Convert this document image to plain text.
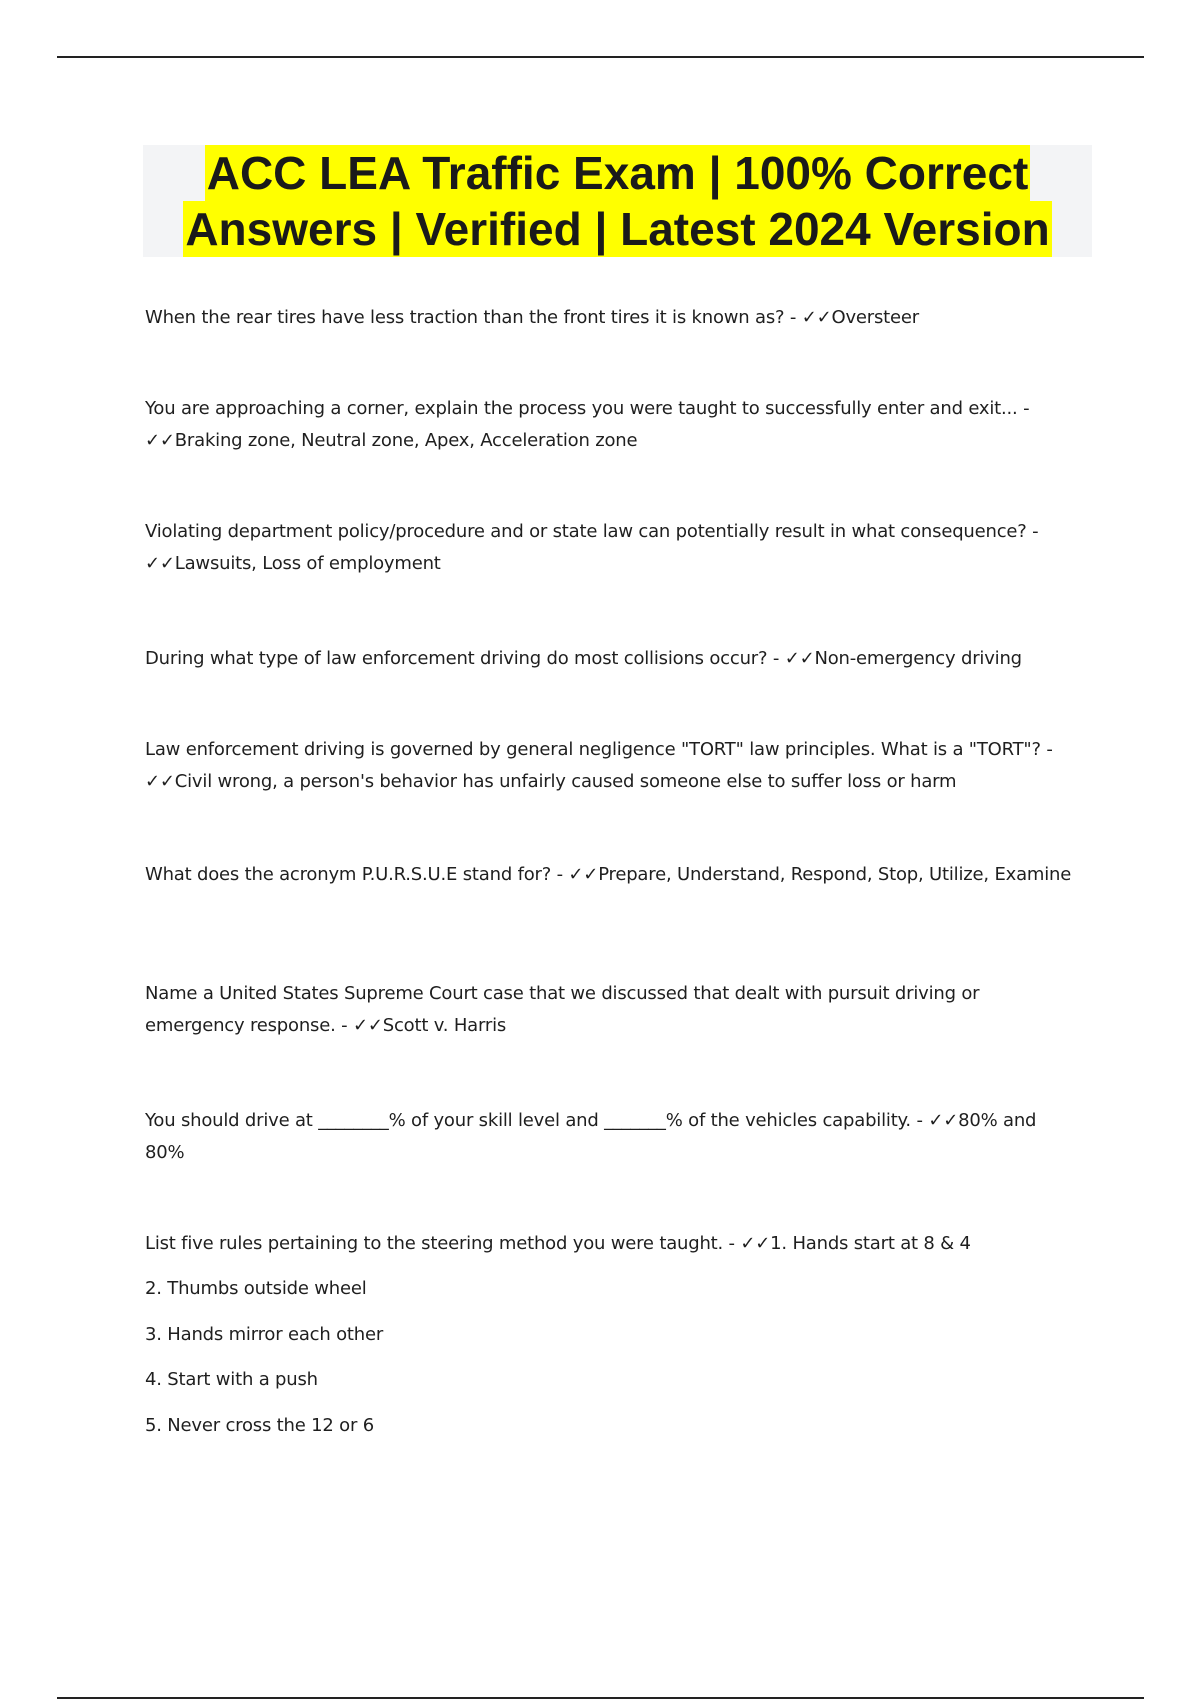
ACC LEA Traffic Exam | 100% Correct
Answers | Verified | Latest 2024 Version
When the rear tires have less traction than the front tires it is known as? - ✓✓Oversteer
You are approaching a corner, explain the process you were taught to successfully enter and exit... - ✓✓Braking zone, Neutral zone, Apex, Acceleration zone
Violating department policy/procedure and or state law can potentially result in what consequence? - ✓✓Lawsuits, Loss of employment
During what type of law enforcement driving do most collisions occur? - ✓✓Non-emergency driving
Law enforcement driving is governed by general negligence "TORT" law principles. What is a "TORT"? - ✓✓Civil wrong, a person's behavior has unfairly caused someone else to suffer loss or harm
What does the acronym P.U.R.S.U.E stand for? - ✓✓Prepare, Understand, Respond, Stop, Utilize, Examine
Name a United States Supreme Court case that we discussed that dealt with pursuit driving or emergency response. - ✓✓Scott v. Harris
You should drive at ________% of your skill level and _______% of the vehicles capability. - ✓✓80% and 80%
List five rules pertaining to the steering method you were taught. - ✓✓1. Hands start at 8 & 4
2. Thumbs outside wheel
3. Hands mirror each other
4. Start with a push
5. Never cross the 12 or 6
